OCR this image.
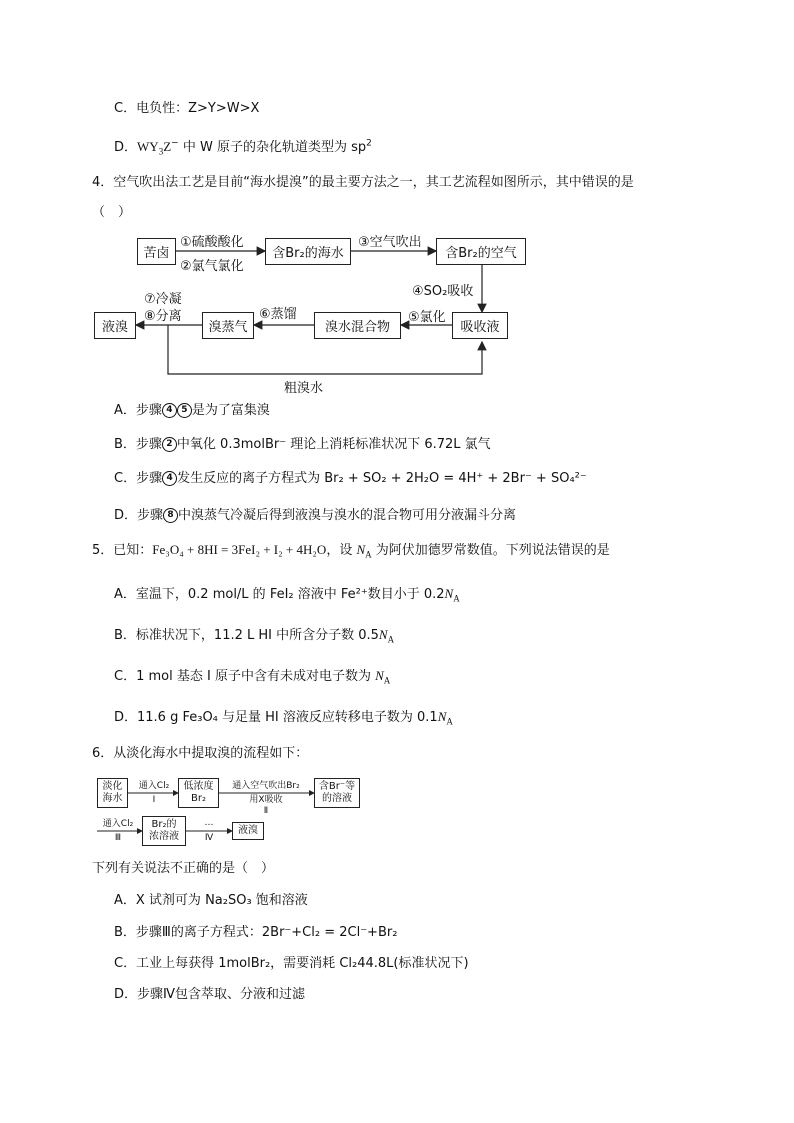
C．电负性：Z>Y>W>X
D．$WY_3Z^-$ 中 W 原子的杂化轨道类型为 $sp^2$
4．空气吹出法工艺是目前“海水提溴”的最主要方法之一，其工艺流程如图所示，其中错误的是
（　）
苦卤	含Br₂的海水	含Br₂的空气
吸收液
溴水混合物
溴蒸气
液溴
①硫酸酸化
②氯气氯化
③空气吹出
④SO₂吸收
⑤氯化
⑥蒸馏
⑦冷凝
⑧分离
粗溴水
A．步骤 4 5 是为了富集溴
B．步骤 2 中氧化 0.3molBr⁻ 理论上消耗标准状况下 6.72L 氯气
C．步骤 4 发生反应的离子方程式为 Br₂ + SO₂ + 2H₂O = 4H⁺ + 2Br⁻ + SO₄²⁻
D．步骤 8 中溴蒸气冷凝后得到液溴与溴水的混合物可用分液漏斗分离
5．已知：Fe₃O₄ + 8HI = 3FeI₂ + I₂ + 4H₂O，设 $N_A$ 为阿伏加德罗常数值。下列说法错误的是
A．室温下，0.2 mol/L 的 FeI₂ 溶液中 Fe²⁺数目小于 $0.2N_A$
B．标准状况下，11.2 L HI 中所含分子数 $0.5N_A$
C．1 mol 基态 I 原子中含有未成对电子数为 $N_A$
D．11.6 g Fe₃O₄ 与足量 HI 溶液反应转移电子数为 $0.1N_A$
6．从淡化海水中提取溴的流程如下：
淡化
海水
低浓度
Br₂
含Br⁻等
的溶液
Br₂的
浓溶液
液溴
通入Cl₂
Ⅰ
通入空气吹出Br₂
用X吸收
Ⅱ
通入Cl₂
Ⅲ
…
Ⅳ
下列有关说法不正确的是（　）
A．X 试剂可为 Na₂SO₃ 饱和溶液
B．步骤Ⅲ的离子方程式：2Br⁻+Cl₂ = 2Cl⁻+Br₂
C．工业上每获得 1molBr₂，需要消耗 Cl₂44.8L(标准状况下)
D．步骤Ⅳ包含萃取、分液和过滤
